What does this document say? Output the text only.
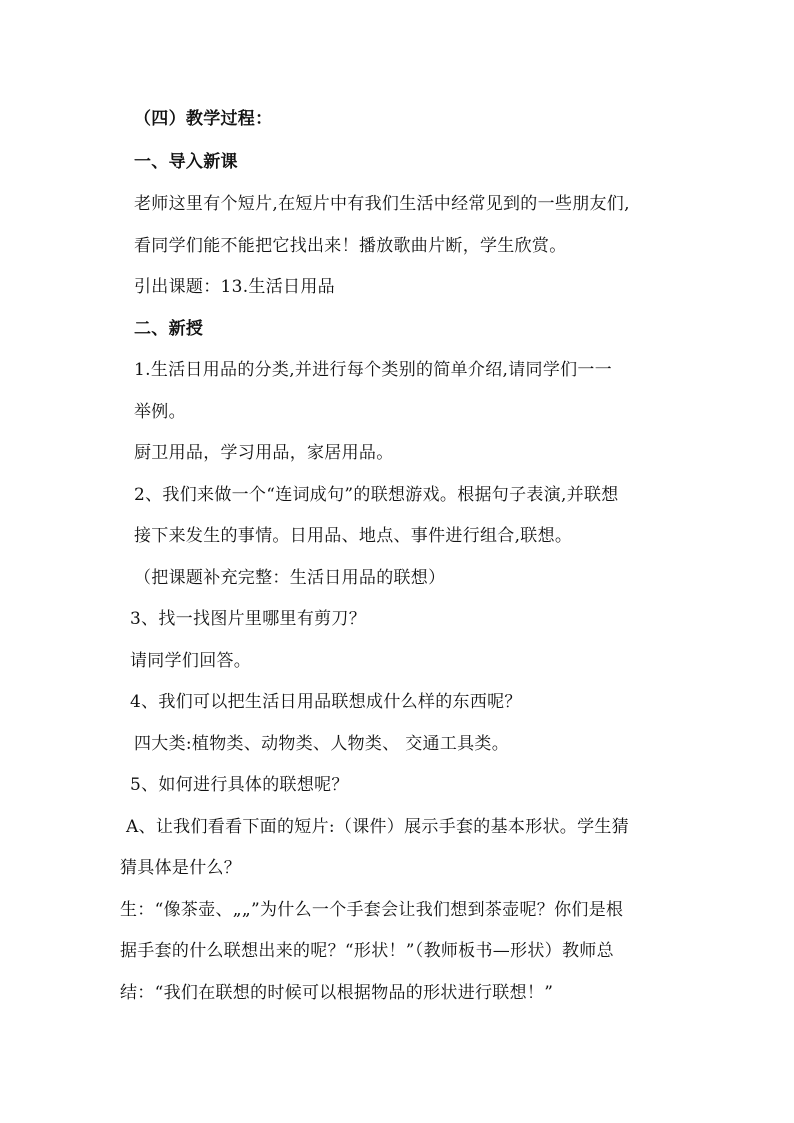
（四）教学过程：
一、导入新课
老师这里有个短片,在短片中有我们生活中经常见到的一些朋友们,
看同学们能不能把它找出来！播放歌曲片断，学生欣赏。
引出课题：13.生活日用品
二、新授
1.生活日用品的分类,并进行每个类别的简单介绍,请同学们一一
举例。
厨卫用品，学习用品，家居用品。
2、我们来做一个“连词成句”的联想游戏。根据句子表演,并联想
接下来发生的事情。日用品、地点、事件进行组合,联想。
（把课题补充完整：生活日用品的联想）
3、找一找图片里哪里有剪刀？
请同学们回答。
4、我们可以把生活日用品联想成什么样的东西呢？
四大类:植物类、动物类、人物类、 交通工具类。
5、如何进行具体的联想呢？
A、让我们看看下面的短片:（课件）展示手套的基本形状。学生猜
猜具体是什么？
生：“像茶壶、„„”为什么一个手套会让我们想到茶壶呢？你们是根
据手套的什么联想出来的呢？“形状！”（教师板书—形状）教师总
结：“我们在联想的时候可以根据物品的形状进行联想！”
